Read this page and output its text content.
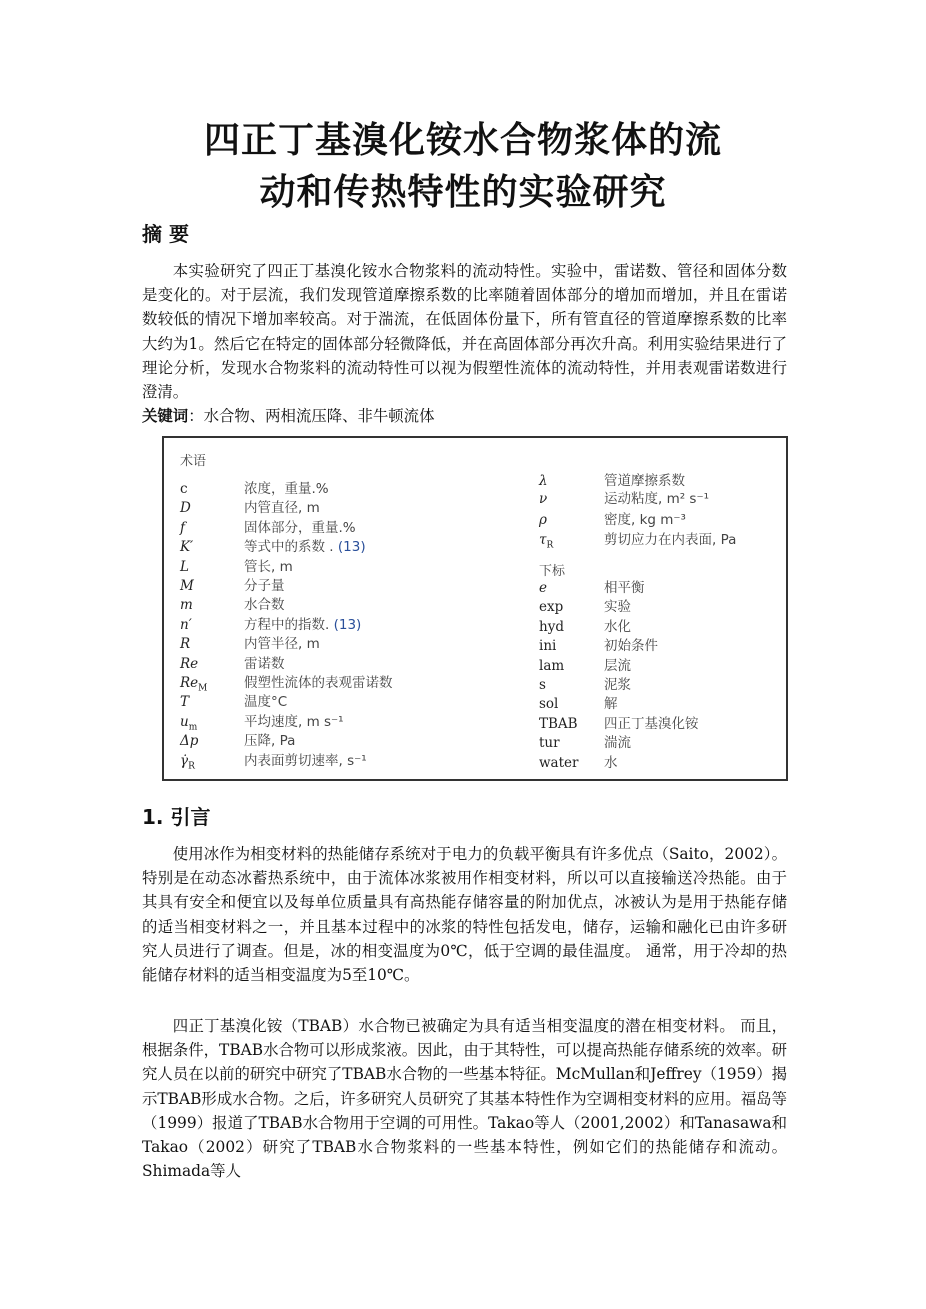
四正丁基溴化铵水合物浆体的流
动和传热特性的实验研究
摘 要

本实验研究了四正丁基溴化铵水合物浆料的流动特性。实验中，雷诺数、管径和固体分数是变化的。对于层流，我们发现管道摩擦系数的比率随着固体部分的增加而增加，并且在雷诺数较低的情况下增加率较高。对于湍流，在低固体份量下，所有管直径的管道摩擦系数的比率大约为1。然后它在特定的固体部分轻微降低，并在高固体部分再次升高。利用实验结果进行了理论分析，发现水合物浆料的流动特性可以视为假塑性流体的流动特性，并用表观雷诺数进行澄清。

关键词：水合物、两相流压降、非牛顿流体
术语
c	浓度，重量.%
D	内管直径, m
f	固体部分，重量.%
K′	等式中的系数 . (13)
L	管长, m
M	分子量
m	水合数
n′	方程中的指数. (13)
R	内管半径, m
Re	雷诺数
$Re_M$	假塑性流体的表观雷诺数
T	温度°C
$u_m$	平均速度, m s⁻¹
Δp	压降, Pa
$\gammȧ_R$	内表面剪切速率, s⁻¹
λ	管道摩擦系数
ν	运动粘度, m² s⁻¹
ρ	密度, kg m⁻³
$\tau_R$	剪切应力在内表面, Pa
下标
e	相平衡
exp	实验
hyd	水化
ini	初始条件
lam	层流
s	泥浆
sol	解
TBAB 四正丁基溴化铵
tur	湍流
water 水
1. 引言

使用冰作为相变材料的热能储存系统对于电力的负载平衡具有许多优点（Saito，2002）。特别是在动态冰蓄热系统中，由于流体冰浆被用作相变材料，所以可以直接输送冷热能。由于其具有安全和便宜以及每单位质量具有高热能存储容量的附加优点，冰被认为是用于热能存储的适当相变材料之一，并且基本过程中的冰浆的特性包括发电，储存，运输和融化已由许多研究人员进行了调查。但是，冰的相变温度为0℃，低于空调的最佳温度。 通常，用于冷却的热能储存材料的适当相变温度为5至10℃。

四正丁基溴化铵（TBAB）水合物已被确定为具有适当相变温度的潜在相变材料。 而且，根据条件，TBAB水合物可以形成浆液。因此，由于其特性，可以提高热能存储系统的效率。研究人员在以前的研究中研究了TBAB水合物的一些基本特征。McMullan和Jeffrey（1959）揭示TBAB形成水合物。之后，许多研究人员研究了其基本特性作为空调相变材料的应用。福岛等（1999）报道了TBAB水合物用于空调的可用性。Takao等人（2001,2002）和Tanasawa和Takao（2002）研究了TBAB水合物浆料的一些基本特性，例如它们的热能储存和流动。Shimada等人
